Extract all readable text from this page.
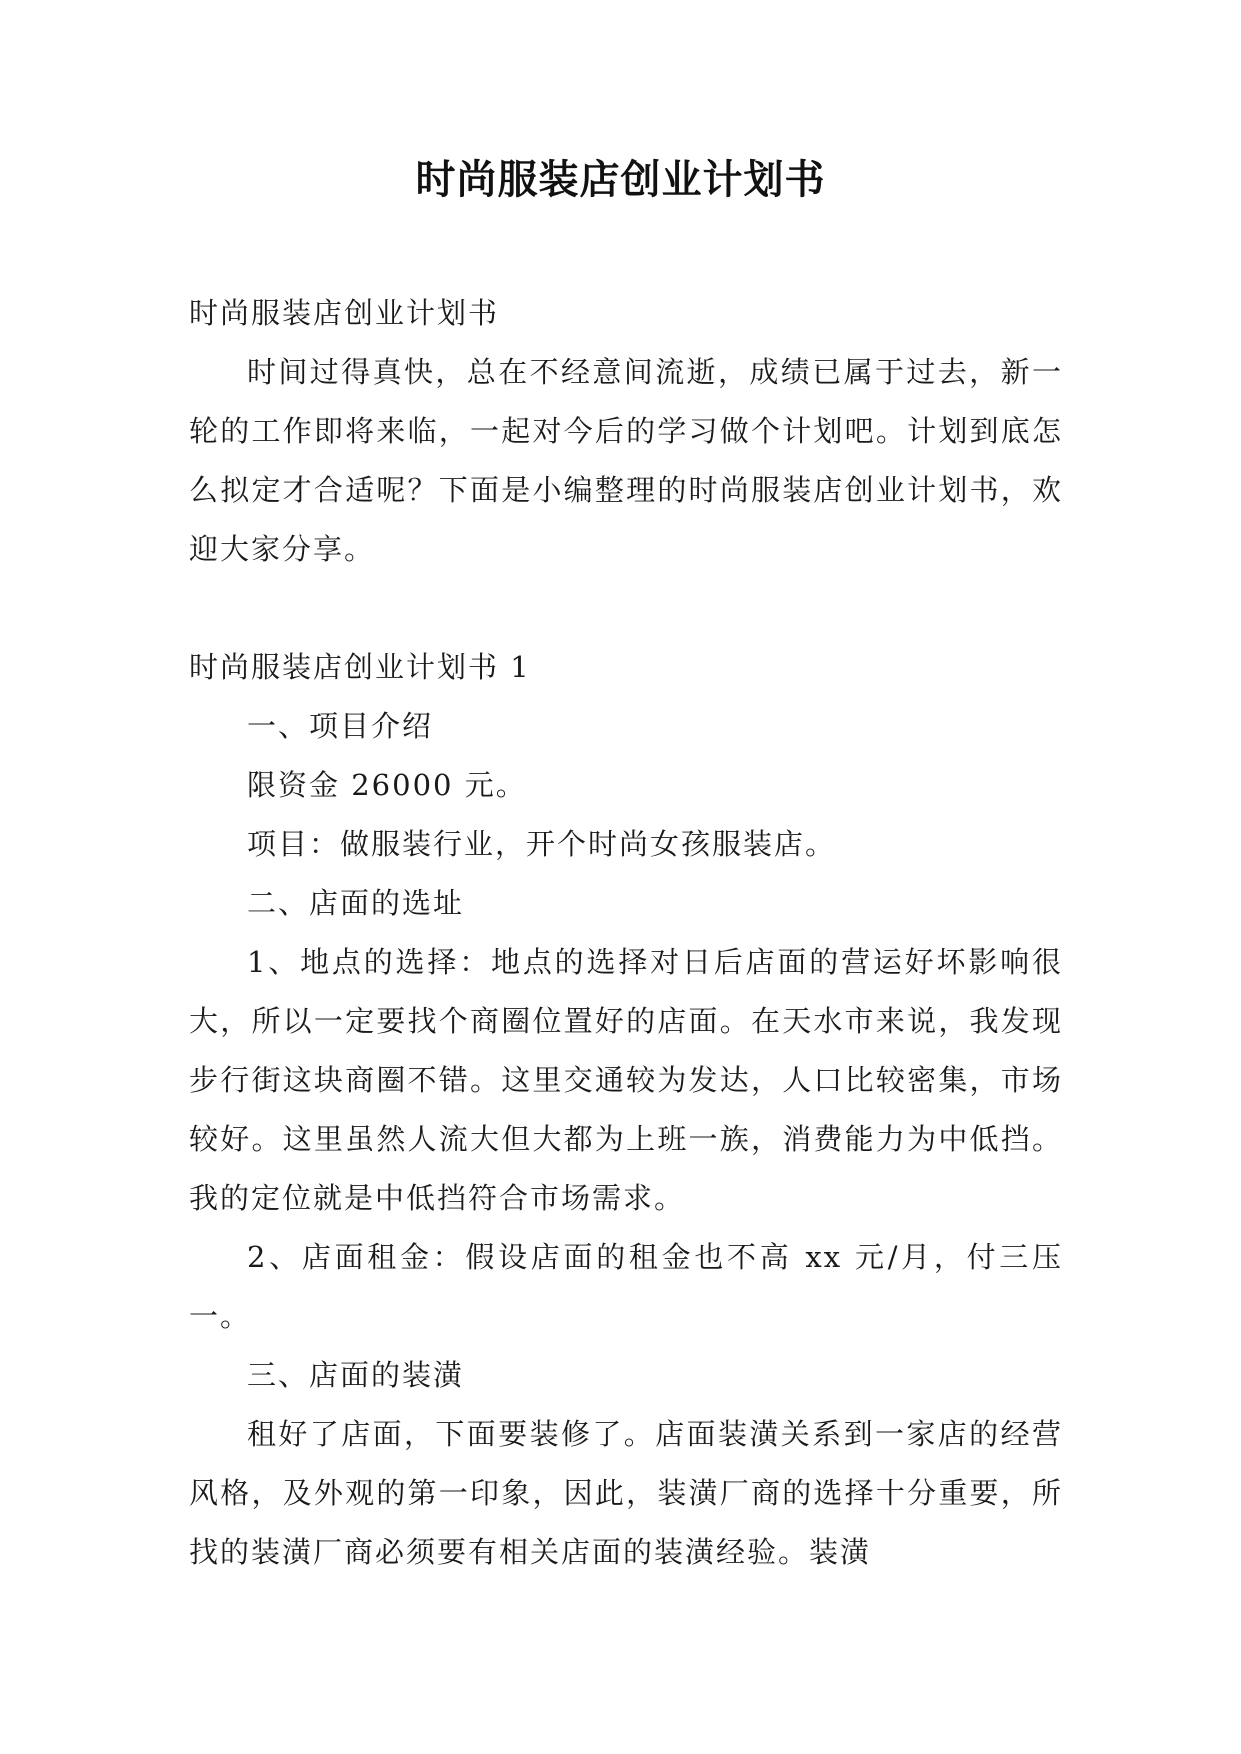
时尚服装店创业计划书

时尚服装店创业计划书

时间过得真快，总在不经意间流逝，成绩已属于过去，新一轮的工作即将来临，一起对今后的学习做个计划吧。计划到底怎么拟定才合适呢？下面是小编整理的时尚服装店创业计划书，欢迎大家分享。

时尚服装店创业计划书 1

一、项目介绍

限资金 26000 元。

项目：做服装行业，开个时尚女孩服装店。

二、店面的选址

1、地点的选择：地点的选择对日后店面的营运好坏影响很大，所以一定要找个商圈位置好的店面。在天水市来说，我发现步行街这块商圈不错。这里交通较为发达，人口比较密集，市场较好。这里虽然人流大但大都为上班一族，消费能力为中低挡。我的定位就是中低挡符合市场需求。

2、店面租金：假设店面的租金也不高 xx 元/月，付三压一。

三、店面的装潢

租好了店面，下面要装修了。店面装潢关系到一家店的经营风格，及外观的第一印象，因此，装潢厂商的选择十分重要，所找的装潢厂商必须要有相关店面的装潢经验。装潢
